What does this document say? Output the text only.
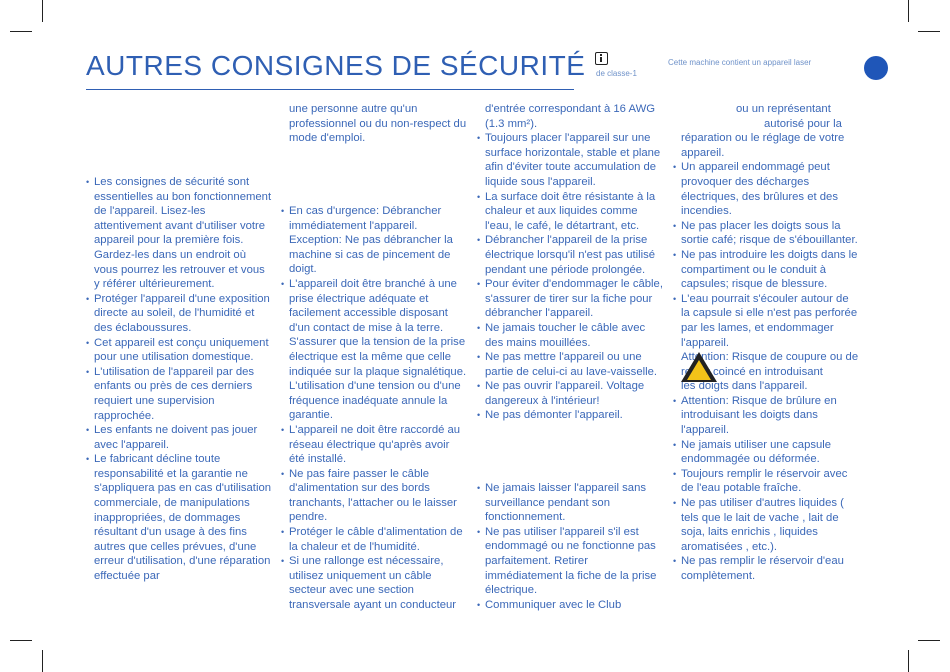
AUTRES CONSIGNES DE SÉCURITÉ de classe-1
Cette machine contient un appareil laser
• Les consignes de sécurité sont essentielles au bon fonctionnement de l'appareil. Lisez-les attentivement avant d'utiliser votre appareil pour la première fois. Gardez-les dans un endroit où vous pourrez les retrouver et vous y référer ultérieurement.
• Protéger l'appareil d'une exposition directe au soleil, de l'humidité et des éclaboussures.
• Cet appareil est conçu uniquement pour une utilisation domestique.
• L'utilisation de l'appareil par des enfants ou près de ces derniers requiert une supervision rapprochée.
• Les enfants ne doivent pas jouer avec l'appareil.
• Le fabricant décline toute responsabilité et la garantie ne s'appliquera pas en cas d'utilisation commerciale, de manipulations inappropriées, de dommages résultant d'un usage à des fins autres que celles prévues, d'une erreur d'utilisation, d'une réparation effectuée par

une personne autre qu'un professionnel ou du non-respect du mode d'emploi.

• En cas d'urgence: Débrancher immédiatement l'appareil. Exception: Ne pas débrancher la machine si cas de pincement de doigt.
• L'appareil doit être branché à une prise électrique adéquate et facilement accessible disposant d'un contact de mise à la terre. S'assurer que la tension de la prise électrique est la même que celle indiquée sur la plaque signalétique. L'utilisation d'une tension ou d'une fréquence inadéquate annule la garantie.
• L'appareil ne doit être raccordé au réseau électrique qu'après avoir été installé.
• Ne pas faire passer le câble d'alimentation sur des bords tranchants, l'attacher ou le laisser pendre.
• Protéger le câble d'alimentation de la chaleur et de l'humidité.
• Si une rallonge est nécessaire, utilisez uniquement un câble secteur avec une section transversale ayant un conducteur

d'entrée correspondant à 16 AWG (1.3 mm²).

• Toujours placer l'appareil sur une surface horizontale, stable et plane afin d'éviter toute accumulation de liquide sous l'appareil.
• La surface doit être résistante à la chaleur et aux liquides comme l'eau, le café, le détartrant, etc.
• Débrancher l'appareil de la prise électrique lorsqu'il n'est pas utilisé pendant une période prolongée.
• Pour éviter d'endommager le câble, s'assurer de tirer sur la fiche pour débrancher l'appareil.
• Ne jamais toucher le câble avec des mains mouillées.
• Ne pas mettre l'appareil ou une partie de celui-ci au lave-vaisselle.
• Ne pas ouvrir l'appareil. Voltage dangereux à l'intérieur!
• Ne pas démonter l'appareil.
• Ne jamais laisser l'appareil sans surveillance pendant son fonctionnement.
• Ne pas utiliser l'appareil s'il est endommagé ou ne fonctionne pas parfaitement. Retirer immédiatement la fiche de la prise électrique.
• Communiquer avec le Club

ou un représentant

autorisé pour la

réparation ou le réglage de votre appareil.

• Un appareil endommagé peut provoquer des décharges électriques, des brûlures et des incendies.
• Ne pas placer les doigts sous la sortie café; risque de s'ébouillanter.
• Ne pas introduire les doigts dans le compartiment ou le conduit à capsules; risque de blessure.
• L'eau pourrait s'écouler autour de la capsule si elle n'est pas perforée par les lames, et endommager l'appareil.

Attention: Risque de coupure ou de rester coincé en introduisant

les doigts dans l'appareil.

• Attention: Risque de brûlure en introduisant les doigts dans l'appareil.
• Ne jamais utiliser une capsule endommagée ou déformée.
• Toujours remplir le réservoir avec de l'eau potable fraîche.
• Ne pas utiliser d'autres liquides ( tels que le lait de vache , lait de soja, laits enrichis , liquides aromatisées , etc.).
• Ne pas remplir le réservoir d'eau complètement.
